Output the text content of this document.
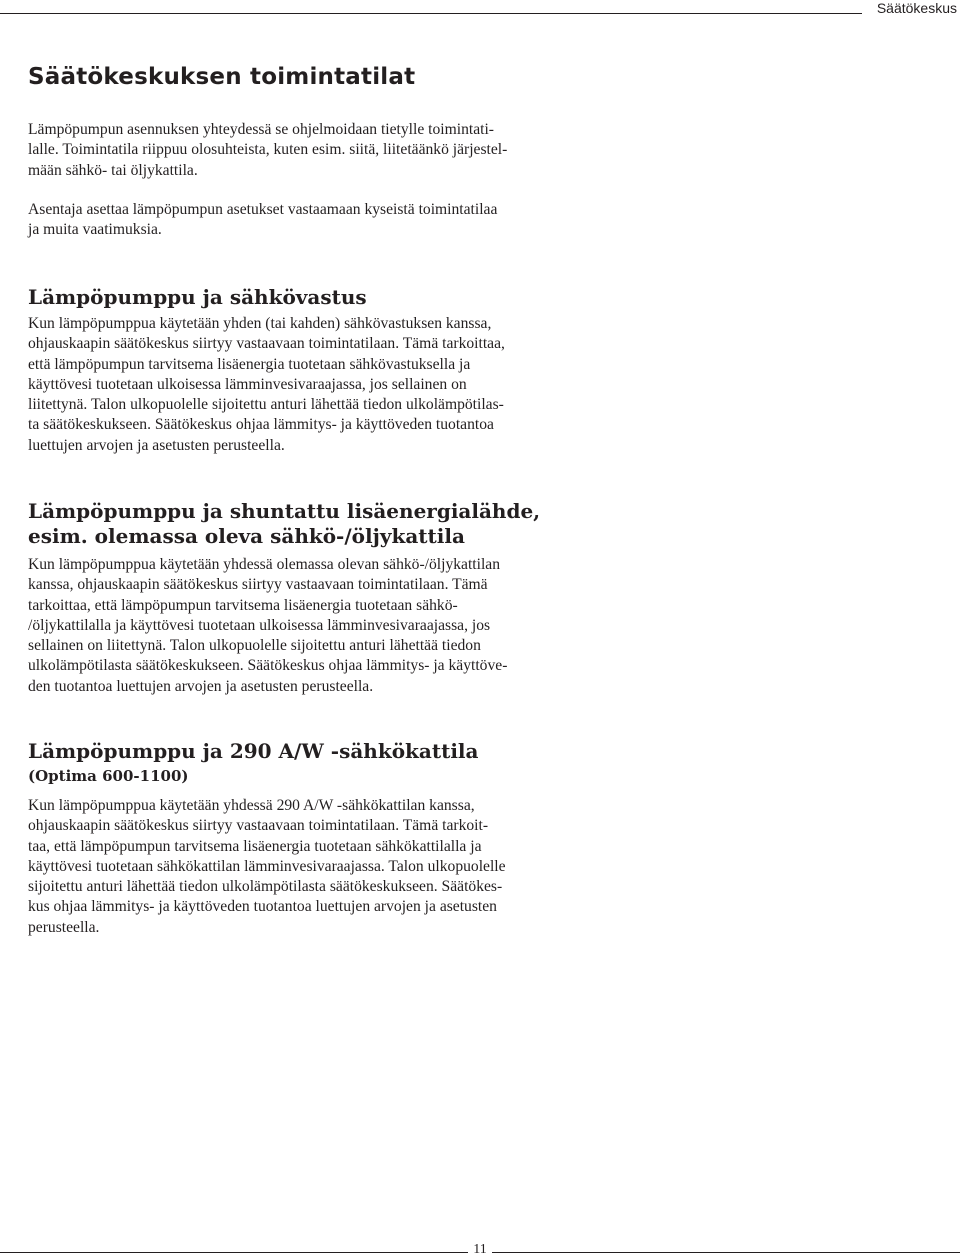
Säätökeskus
Säätökeskuksen toimintatilat

Lämpöpumpun asennuksen yhteydessä se ohjelmoidaan tietylle toimintati-
lalle. Toimintatila riippuu olosuhteista, kuten esim. siitä, liitetäänkö järjestel-
mään sähkö- tai öljykattila.

Asentaja asettaa lämpöpumpun asetukset vastaamaan kyseistä toimintatilaa
ja muita vaatimuksia.

Lämpöpumppu ja sähkövastus

Kun lämpöpumppua käytetään yhden (tai kahden) sähkövastuksen kanssa,
ohjauskaapin säätökeskus siirtyy vastaavaan toimintatilaan. Tämä tarkoittaa,
että lämpöpumpun tarvitsema lisäenergia tuotetaan sähkövastuksella ja
käyttövesi tuotetaan ulkoisessa lämminvesivaraajassa, jos sellainen on
liitettynä. Talon ulkopuolelle sijoitettu anturi lähettää tiedon ulkolämpötilas-
ta säätökeskukseen. Säätökeskus ohjaa lämmitys- ja käyttöveden tuotantoa
luettujen arvojen ja asetusten perusteella.

Lämpöpumppu ja shuntattu lisäenergialähde,
esim. olemassa oleva sähkö-/öljykattila

Kun lämpöpumppua käytetään yhdessä olemassa olevan sähkö-/öljykattilan
kanssa, ohjauskaapin säätökeskus siirtyy vastaavaan toimintatilaan. Tämä
tarkoittaa, että lämpöpumpun tarvitsema lisäenergia tuotetaan sähkö-
/öljykattilalla ja käyttövesi tuotetaan ulkoisessa lämminvesivaraajassa, jos
sellainen on liitettynä. Talon ulkopuolelle sijoitettu anturi lähettää tiedon
ulkolämpötilasta säätökeskukseen. Säätökeskus ohjaa lämmitys- ja käyttöve-
den tuotantoa luettujen arvojen ja asetusten perusteella.

Lämpöpumppu ja 290 A/W -sähkökattila

(Optima 600-1100)

Kun lämpöpumppua käytetään yhdessä 290 A/W -sähkökattilan kanssa,
ohjauskaapin säätökeskus siirtyy vastaavaan toimintatilaan. Tämä tarkoit-
taa, että lämpöpumpun tarvitsema lisäenergia tuotetaan sähkökattilalla ja
käyttövesi tuotetaan sähkökattilan lämminvesivaraajassa. Talon ulkopuolelle
sijoitettu anturi lähettää tiedon ulkolämpötilasta säätökeskukseen. Säätökes-
kus ohjaa lämmitys- ja käyttöveden tuotantoa luettujen arvojen ja asetusten
perusteella.

11
